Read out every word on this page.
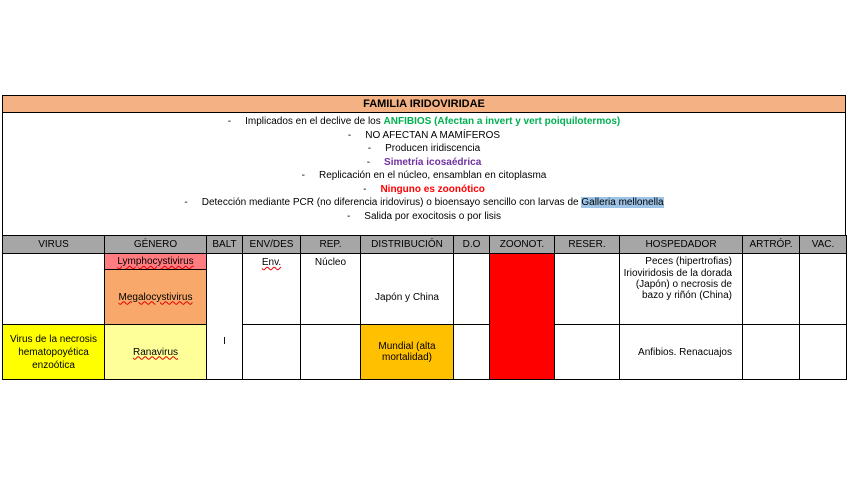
FAMILIA IRIDOVIRIDAE
- Implicados en el declive de los ANFIBIOS (Afectan a invert y vert poiquilotermos)
- NO AFECTAN A MAMÍFEROS
- Producen iridiscencia
- Simetría icosaédrica
- Replicación en el núcleo, ensamblan en citoplasma
- Ninguno es zoonótico
- Detección mediante PCR (no diferencia iridovirus) o bioensayo sencillo con larvas de Galleria mellonella
- Salida por exocitosis o por lisis
VIRUS	GÉNERO	BALT	ENV/DES	REP.	DISTRIBUCIÓN	D.O	ZOONOT.	RESER.	HOSPEDADOR	ARTRÓP.	VAC.
	Lymphocystivirus	I	Env.	Núcleo	Japón y China				Peces (hipertrofias)
Irioviridosis de la dorada (Japón) o necrosis de bazo y riñón (China)		

	Megalocystivirus										
Virus de la necrosis hematopoyética enzoótica	Ranavirus				Mundial (alta mortalidad)				Anfibios. Renacuajos		
